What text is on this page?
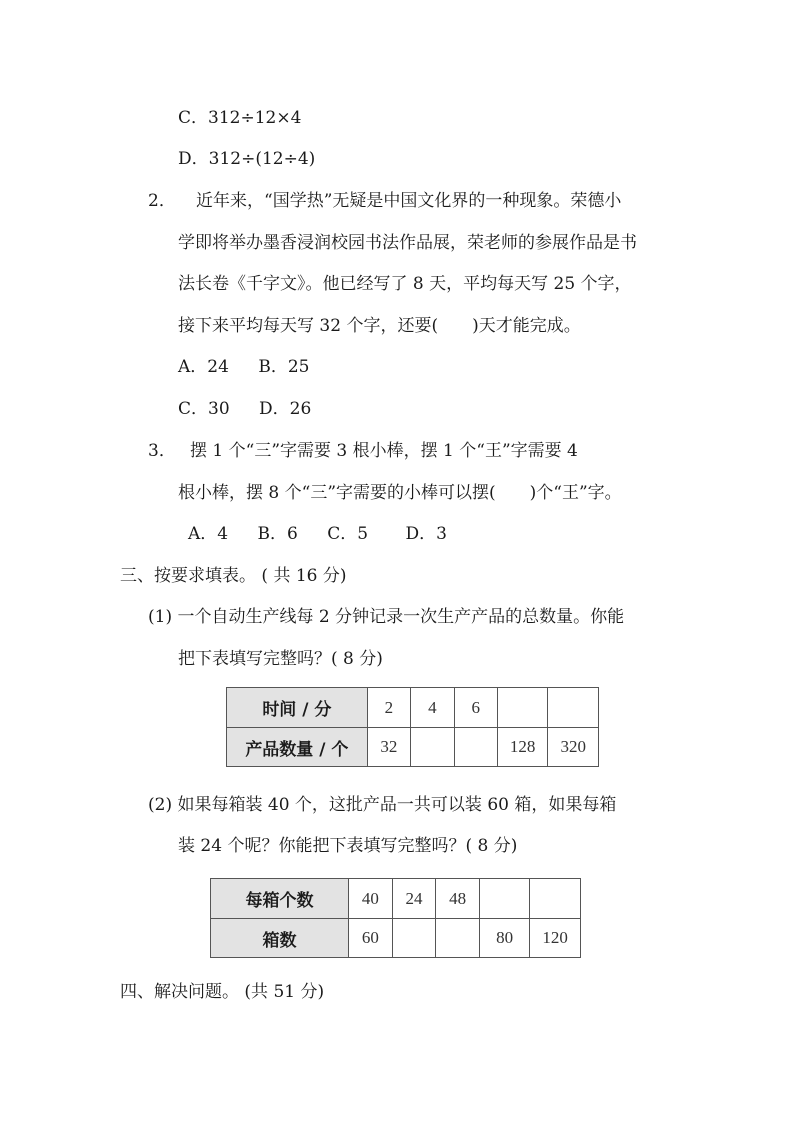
C．312÷12×4
D．312÷(12÷4)
2． 近年来，“国学热”无疑是中国文化界的一种现象。荣德小
学即将举办墨香浸润校园书法作品展，荣老师的参展作品是书
法长卷《千字文》。他已经写了 8 天，平均每天写 25 个字，
接下来平均每天写 32 个字，还要(　　)天才能完成。
A．24 B．25
C．30 D．26
3． 摆 1 个“三”字需要 3 根小棒，摆 1 个“王”字需要 4
根小棒，摆 8 个“三”字需要的小棒可以摆(　　)个“王”字。
A．4 B．6 C．5 D．3
三、按要求填表。 ( 共 16 分)
(1) 一个自动生产线每 2 分钟记录一次生产产品的总数量。你能
把下表填写完整吗？( 8 分)
时间 / 分	2	4	6		
产品数量 / 个	32			128	320
(2) 如果每箱装 40 个，这批产品一共可以装 60 箱，如果每箱
装 24 个呢？你能把下表填写完整吗？( 8 分)
每箱个数	40	24	48		
箱数	60			80	120
四、解决问题。 (共 51 分)
